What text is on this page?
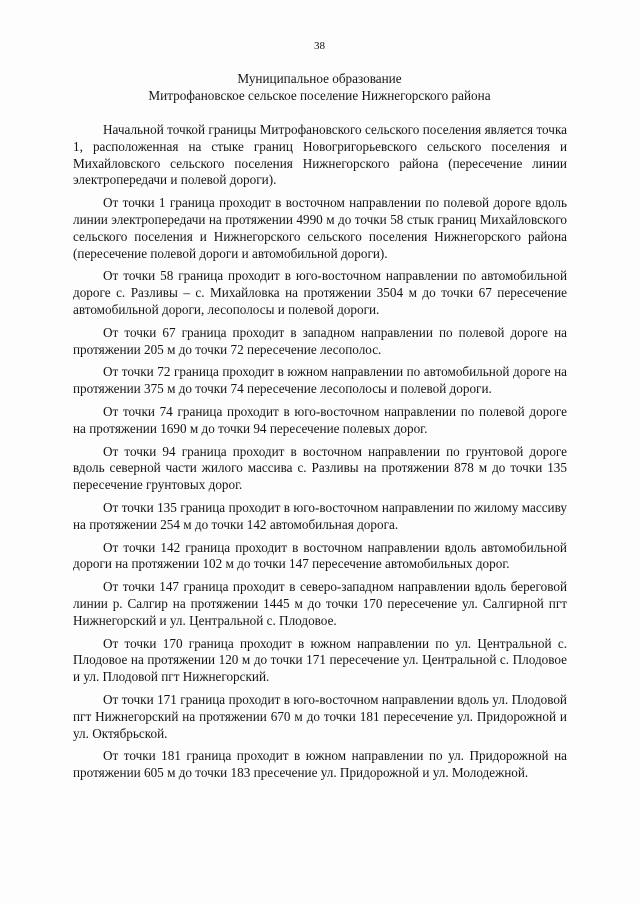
38
Муниципальное образование
Митрофановское сельское поселение Нижнегорского района

Начальной точкой границы Митрофановского сельского поселения является точка 1, расположенная на стыке границ Новогригорьевского сельского поселения и Михайловского сельского поселения Нижнегорского района (пересечение линии электропередачи и полевой дороги).

От точки 1 граница проходит в восточном направлении по полевой дороге вдоль линии электропередачи на протяжении 4990 м до точки 58 стык границ Михайловского сельского поселения и Нижнегорского сельского поселения Нижнегорского района (пересечение полевой дороги и автомобильной дороги).

От точки 58 граница проходит в юго-восточном направлении по автомобильной дороге с. Разливы – с. Михайловка на протяжении 3504 м до точки 67 пересечение автомобильной дороги, лесополосы и полевой дороги.

От точки 67 граница проходит в западном направлении по полевой дороге на протяжении 205 м до точки 72 пересечение лесополос.

От точки 72 граница проходит в южном направлении по автомобильной дороге на протяжении 375 м до точки 74 пересечение лесополосы и полевой дороги.

От точки 74 граница проходит в юго-восточном направлении по полевой дороге на протяжении 1690 м до точки 94 пересечение полевых дорог.

От точки 94 граница проходит в восточном направлении по грунтовой дороге вдоль северной части жилого массива с. Разливы на протяжении 878 м до точки 135 пересечение грунтовых дорог.

От точки 135 граница проходит в юго-восточном направлении по жилому массиву на протяжении 254 м до точки 142 автомобильная дорога.

От точки 142 граница проходит в восточном направлении вдоль автомобильной дороги на протяжении 102 м до точки 147 пересечение автомобильных дорог.

От точки 147 граница проходит в северо-западном направлении вдоль береговой линии р. Салгир на протяжении 1445 м до точки 170 пересечение ул. Салгирной пгт Нижнегорский и ул. Центральной с. Плодовое.

От точки 170 граница проходит в южном направлении по ул. Центральной с. Плодовое на протяжении 120 м до точки 171 пересечение ул. Центральной с. Плодовое и ул. Плодовой пгт Нижнегорский.

От точки 171 граница проходит в юго-восточном направлении вдоль ул. Плодовой пгт Нижнегорский на протяжении 670 м до точки 181 пересечение ул. Придорожной и ул. Октябрьской.

От точки 181 граница проходит в южном направлении по ул. Придорожной на протяжении 605 м до точки 183 пресечение ул. Придорожной и ул. Молодежной.
